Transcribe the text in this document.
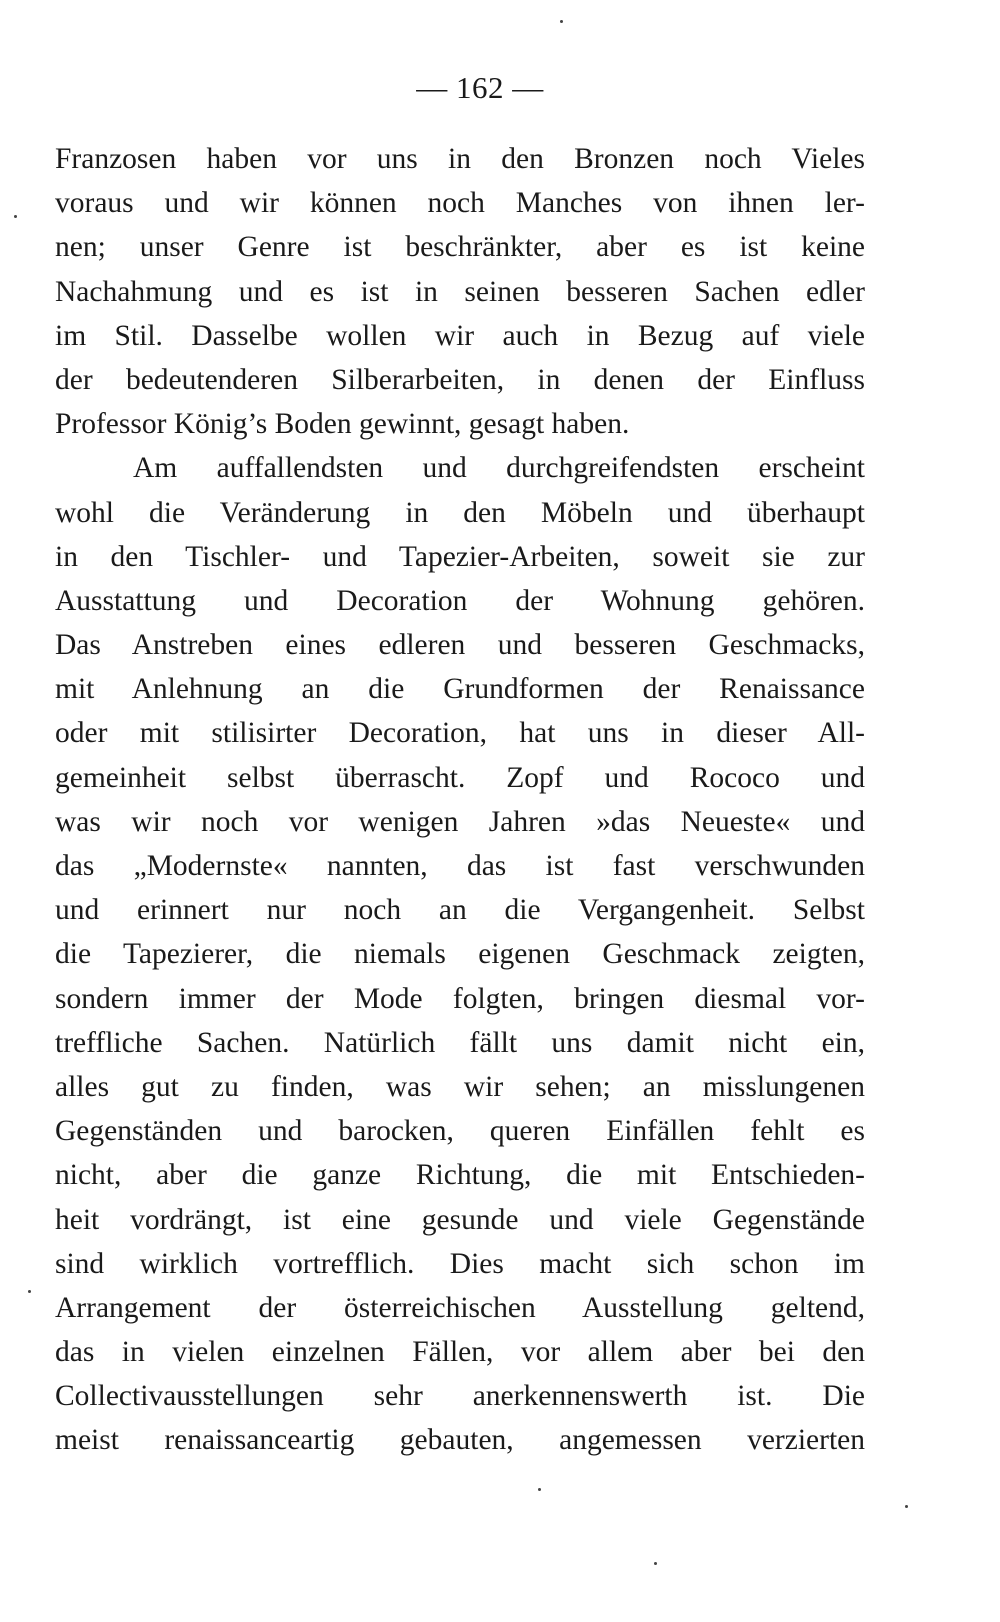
— 162 —
Franzosen haben vor uns in den Bronzen noch Vieles
voraus und wir können noch Manches von ihnen ler-
nen; unser Genre ist beschränkter, aber es ist keine
Nachahmung und es ist in seinen besseren Sachen edler
im Stil. Dasselbe wollen wir auch in Bezug auf viele
der bedeutenderen Silberarbeiten, in denen der Einfluss
Professor König’s Boden gewinnt, gesagt haben.
Am auffallendsten und durchgreifendsten erscheint
wohl die Veränderung in den Möbeln und überhaupt
in den Tischler- und Tapezier-Arbeiten, soweit sie zur
Ausstattung und Decoration der Wohnung gehören.
Das Anstreben eines edleren und besseren Geschmacks,
mit Anlehnung an die Grundformen der Renaissance
oder mit stilisirter Decoration, hat uns in dieser All-
gemeinheit selbst überrascht. Zopf und Rococo und
was wir noch vor wenigen Jahren »das Neueste« und
das „Modernste« nannten, das ist fast verschwunden
und erinnert nur noch an die Vergangenheit. Selbst
die Tapezierer, die niemals eigenen Geschmack zeigten,
sondern immer der Mode folgten, bringen diesmal vor-
treffliche Sachen. Natürlich fällt uns damit nicht ein,
alles gut zu finden, was wir sehen; an misslungenen
Gegenständen und barocken, queren Einfällen fehlt es
nicht, aber die ganze Richtung, die mit Entschieden-
heit vordrängt, ist eine gesunde und viele Gegenstände
sind wirklich vortrefflich. Dies macht sich schon im
Arrangement der österreichischen Ausstellung geltend,
das in vielen einzelnen Fällen, vor allem aber bei den
Collectivausstellungen sehr anerkennenswerth ist. Die
meist renaissanceartig gebauten, angemessen verzierten
